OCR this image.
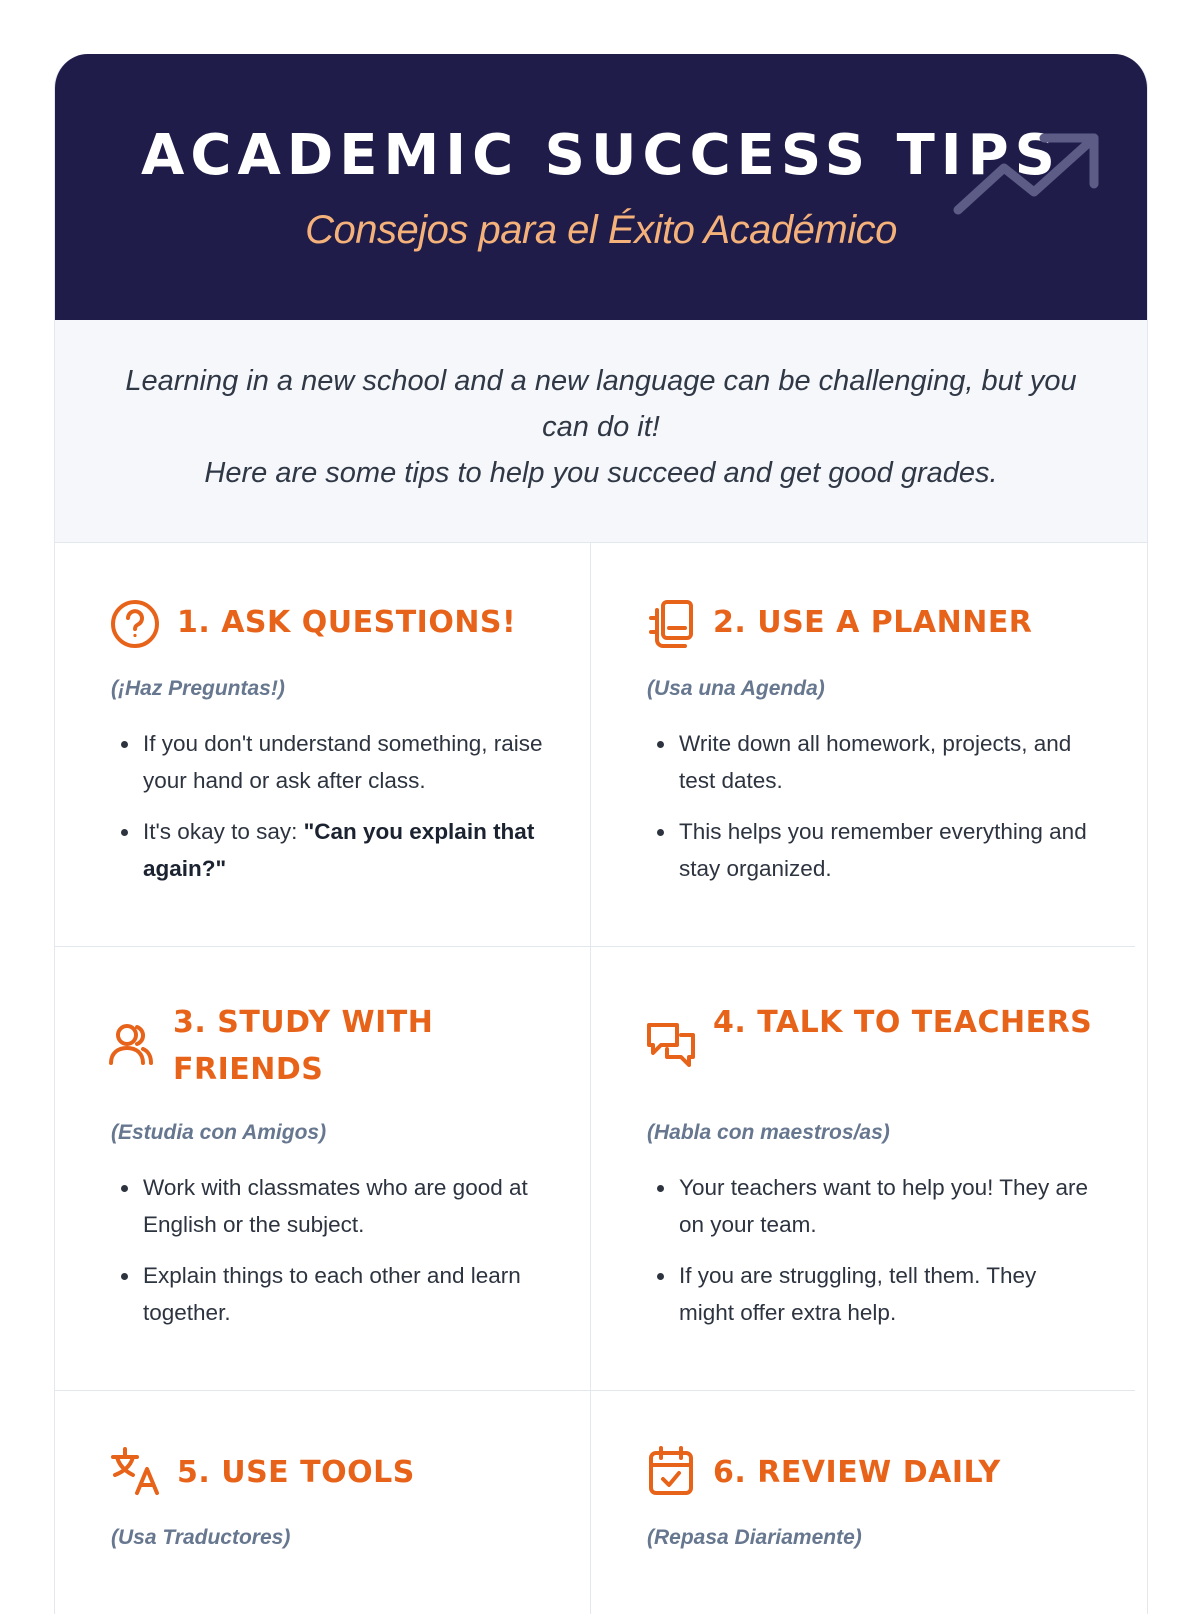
ACADEMIC SUCCESS TIPS

Consejos para el Éxito Académico

Learning in a new school and a new language can be challenging, but you can do it!

Here are some tips to help you succeed and get good grades.

1. ASK QUESTIONS!

(¡Haz Preguntas!)

• If you don't understand something, raise your hand or ask after class.
• It's okay to say: "Can you explain that again?"
2. USE A PLANNER

(Usa una Agenda)

• Write down all homework, projects, and test dates.
• This helps you remember everything and stay organized.
3. STUDY WITH FRIENDS

(Estudia con Amigos)

• Work with classmates who are good at English or the subject.
• Explain things to each other and learn together.
4. TALK TO TEACHERS

(Habla con maestros/as)

• Your teachers want to help you! They are on your team.
• If you are struggling, tell them. They might offer extra help.
5. USE TOOLS

(Usa Traductores)

6. REVIEW DAILY

(Repasa Diariamente)
